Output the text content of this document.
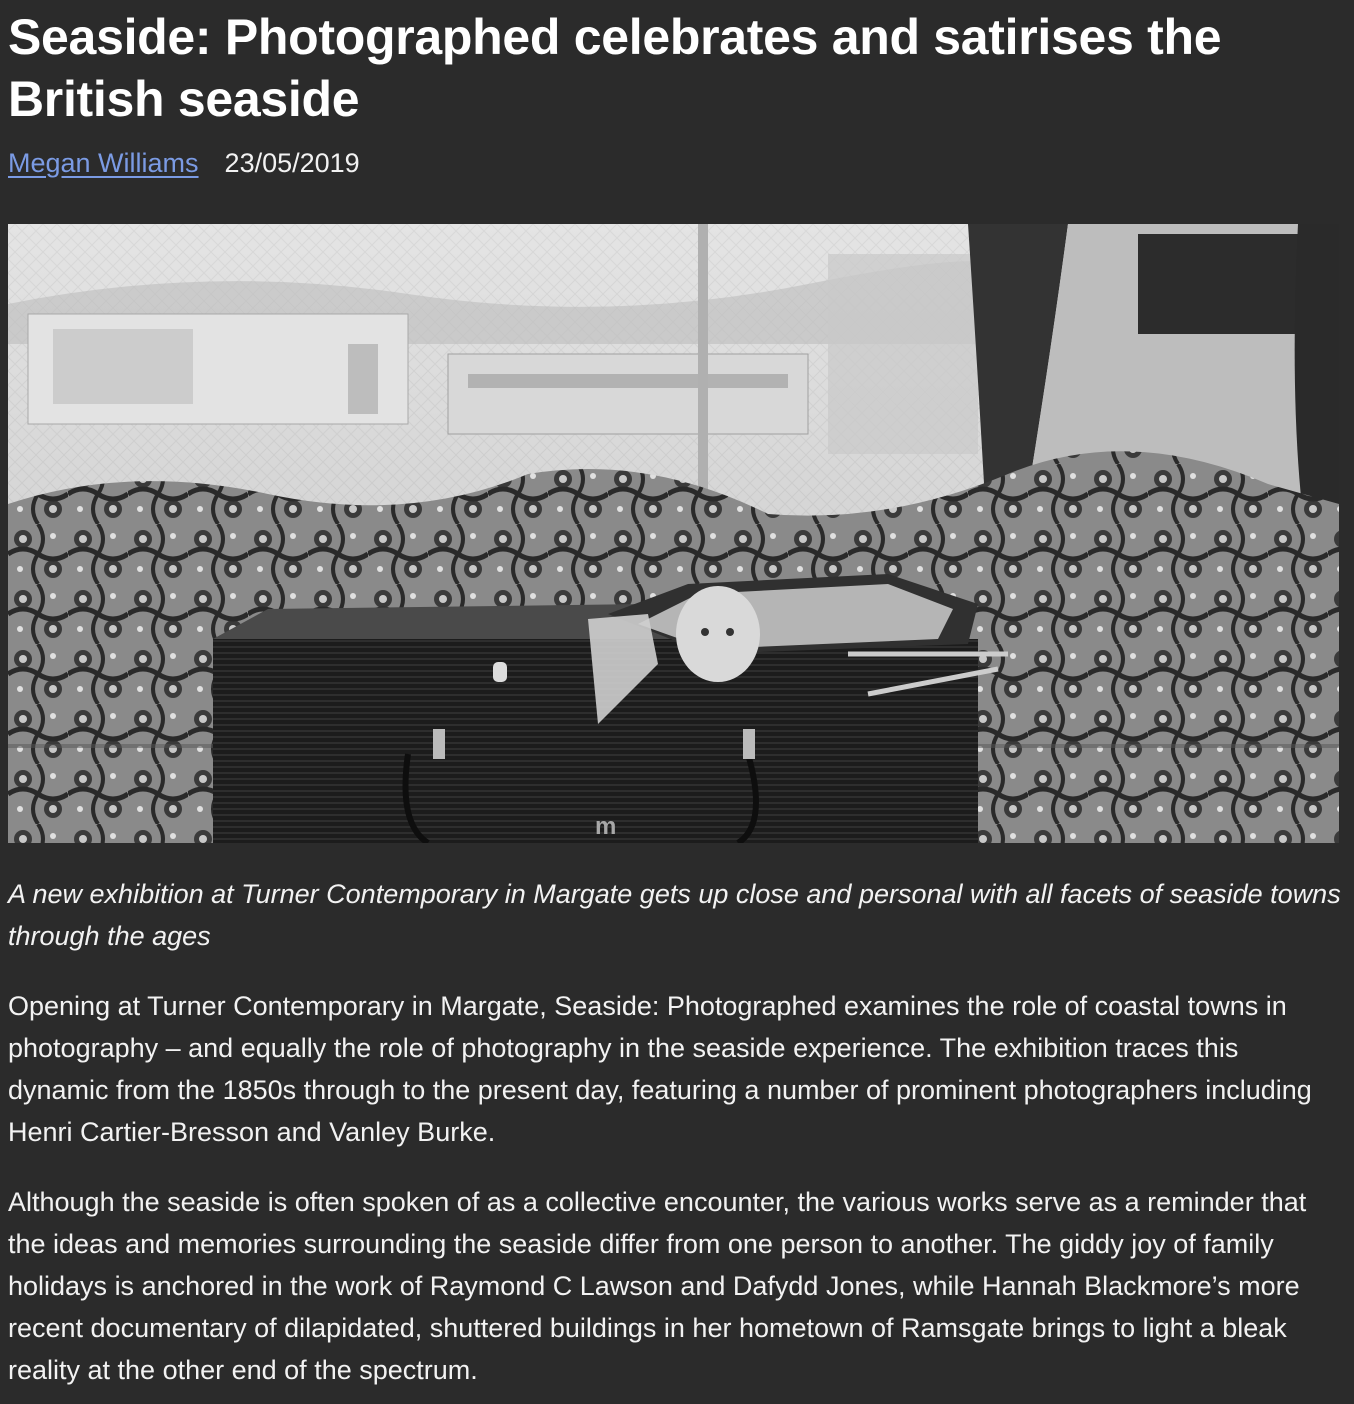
Seaside: Photographed celebrates and satirises the British seaside
Megan Williams 23/05/2019
m

A new exhibition at Turner Contemporary in Margate gets up close and personal with all facets of seaside towns through the ages

Opening at Turner Contemporary in Margate, Seaside: Photographed examines the role of coastal towns in photography – and equally the role of photography in the seaside experience. The exhibition traces this dynamic from the 1850s through to the present day, featuring a number of prominent photographers including Henri Cartier-Bresson and Vanley Burke.

Although the seaside is often spoken of as a collective encounter, the various works serve as a reminder that the ideas and memories surrounding the seaside differ from one person to another. The giddy joy of family holidays is anchored in the work of Raymond C Lawson and Dafydd Jones, while Hannah Blackmore’s more recent documentary of dilapidated, shuttered buildings in her hometown of Ramsgate brings to light a bleak reality at the other end of the spectrum.
